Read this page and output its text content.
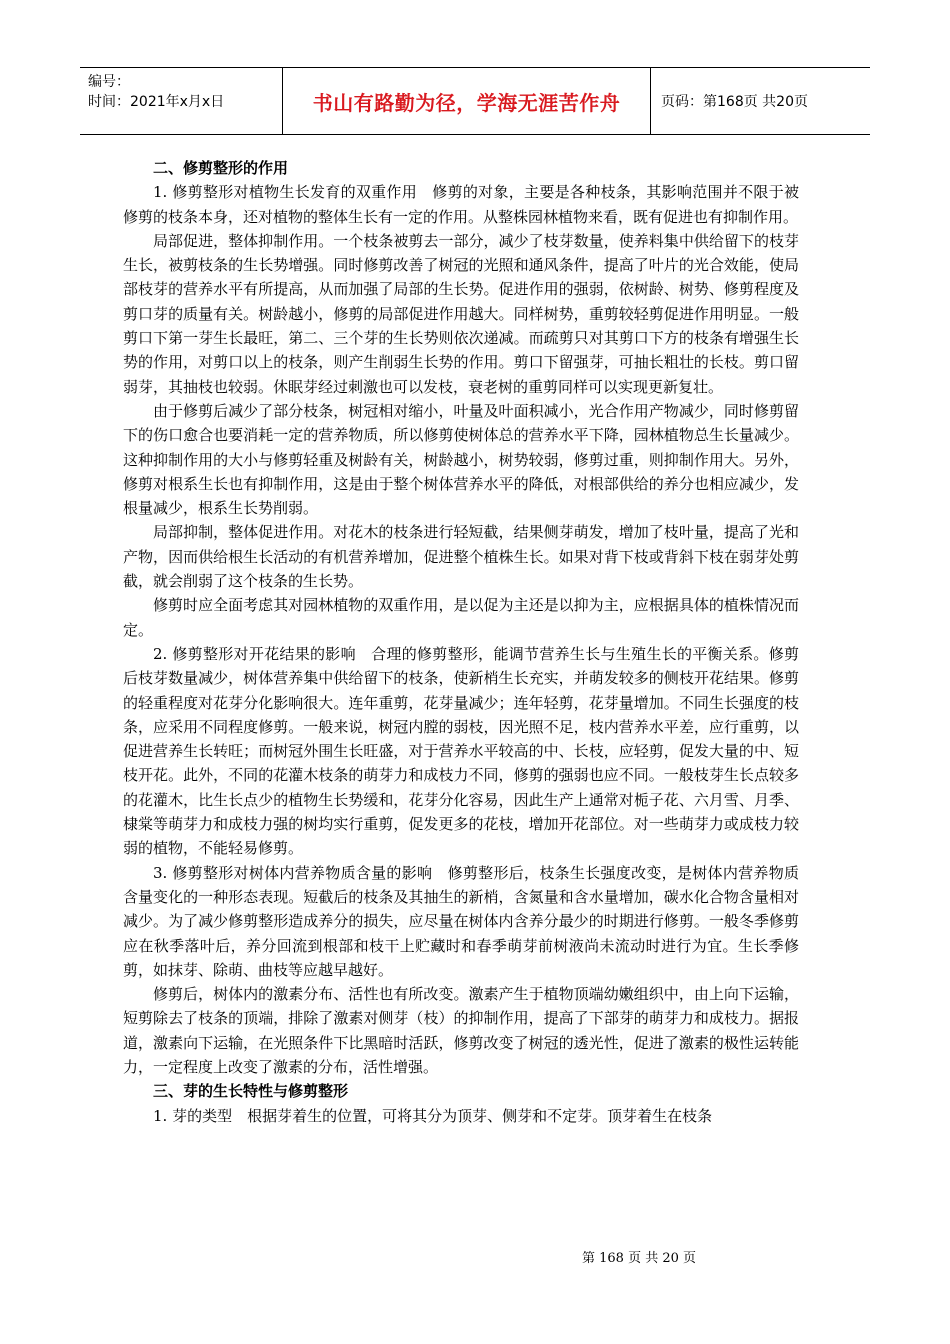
编号：
时间：2021年x月x日	书山有路勤为径，学海无涯苦作舟	页码：第168页 共20页
二、修剪整形的作用

1. 修剪整形对植物生长发育的双重作用　修剪的对象，主要是各种枝条，其影响范围并不限于被修剪的枝条本身，还对植物的整体生长有一定的作用。从整株园林植物来看，既有促进也有抑制作用。

局部促进，整体抑制作用。一个枝条被剪去一部分，减少了枝芽数量，使养料集中供给留下的枝芽生长，被剪枝条的生长势增强。同时修剪改善了树冠的光照和通风条件，提高了叶片的光合效能，使局部枝芽的营养水平有所提高，从而加强了局部的生长势。促进作用的强弱，依树龄、树势、修剪程度及剪口芽的质量有关。树龄越小，修剪的局部促进作用越大。同样树势，重剪较轻剪促进作用明显。一般剪口下第一芽生长最旺，第二、三个芽的生长势则依次递减。而疏剪只对其剪口下方的枝条有增强生长势的作用，对剪口以上的枝条，则产生削弱生长势的作用。剪口下留强芽，可抽长粗壮的长枝。剪口留弱芽，其抽枝也较弱。休眠芽经过刺激也可以发枝，衰老树的重剪同样可以实现更新复壮。

由于修剪后减少了部分枝条，树冠相对缩小，叶量及叶面积减小，光合作用产物减少，同时修剪留下的伤口愈合也要消耗一定的营养物质，所以修剪使树体总的营养水平下降，园林植物总生长量减少。这种抑制作用的大小与修剪轻重及树龄有关，树龄越小，树势较弱，修剪过重，则抑制作用大。另外，修剪对根系生长也有抑制作用，这是由于整个树体营养水平的降低，对根部供给的养分也相应减少，发根量减少，根系生长势削弱。

局部抑制，整体促进作用。对花木的枝条进行轻短截，结果侧芽萌发，增加了枝叶量，提高了光和产物，因而供给根生长活动的有机营养增加，促进整个植株生长。如果对背下枝或背斜下枝在弱芽处剪截，就会削弱了这个枝条的生长势。

修剪时应全面考虑其对园林植物的双重作用，是以促为主还是以抑为主，应根据具体的植株情况而定。

2. 修剪整形对开花结果的影响　合理的修剪整形，能调节营养生长与生殖生长的平衡关系。修剪后枝芽数量减少，树体营养集中供给留下的枝条，使新梢生长充实，并萌发较多的侧枝开花结果。修剪的轻重程度对花芽分化影响很大。连年重剪，花芽量减少；连年轻剪，花芽量增加。不同生长强度的枝条，应采用不同程度修剪。一般来说，树冠内膛的弱枝，因光照不足，枝内营养水平差，应行重剪，以促进营养生长转旺；而树冠外围生长旺盛，对于营养水平较高的中、长枝，应轻剪，促发大量的中、短枝开花。此外，不同的花灌木枝条的萌芽力和成枝力不同，修剪的强弱也应不同。一般枝芽生长点较多的花灌木，比生长点少的植物生长势缓和，花芽分化容易，因此生产上通常对栀子花、六月雪、月季、棣棠等萌芽力和成枝力强的树均实行重剪，促发更多的花枝，增加开花部位。对一些萌芽力或成枝力较弱的植物，不能轻易修剪。

3. 修剪整形对树体内营养物质含量的影响　修剪整形后，枝条生长强度改变，是树体内营养物质含量变化的一种形态表现。短截后的枝条及其抽生的新梢，含氮量和含水量增加，碳水化合物含量相对减少。为了减少修剪整形造成养分的损失，应尽量在树体内含养分最少的时期进行修剪。一般冬季修剪应在秋季落叶后，养分回流到根部和枝干上贮藏时和春季萌芽前树液尚未流动时进行为宜。生长季修剪，如抹芽、除萌、曲枝等应越早越好。

修剪后，树体内的激素分布、活性也有所改变。激素产生于植物顶端幼嫩组织中，由上向下运输，短剪除去了枝条的顶端，排除了激素对侧芽（枝）的抑制作用，提高了下部芽的萌芽力和成枝力。据报道，激素向下运输，在光照条件下比黑暗时活跃，修剪改变了树冠的透光性，促进了激素的极性运转能力，一定程度上改变了激素的分布，活性增强。

三、芽的生长特性与修剪整形

1. 芽的类型　根据芽着生的位置，可将其分为顶芽、侧芽和不定芽。顶芽着生在枝条

第 168 页 共 20 页
